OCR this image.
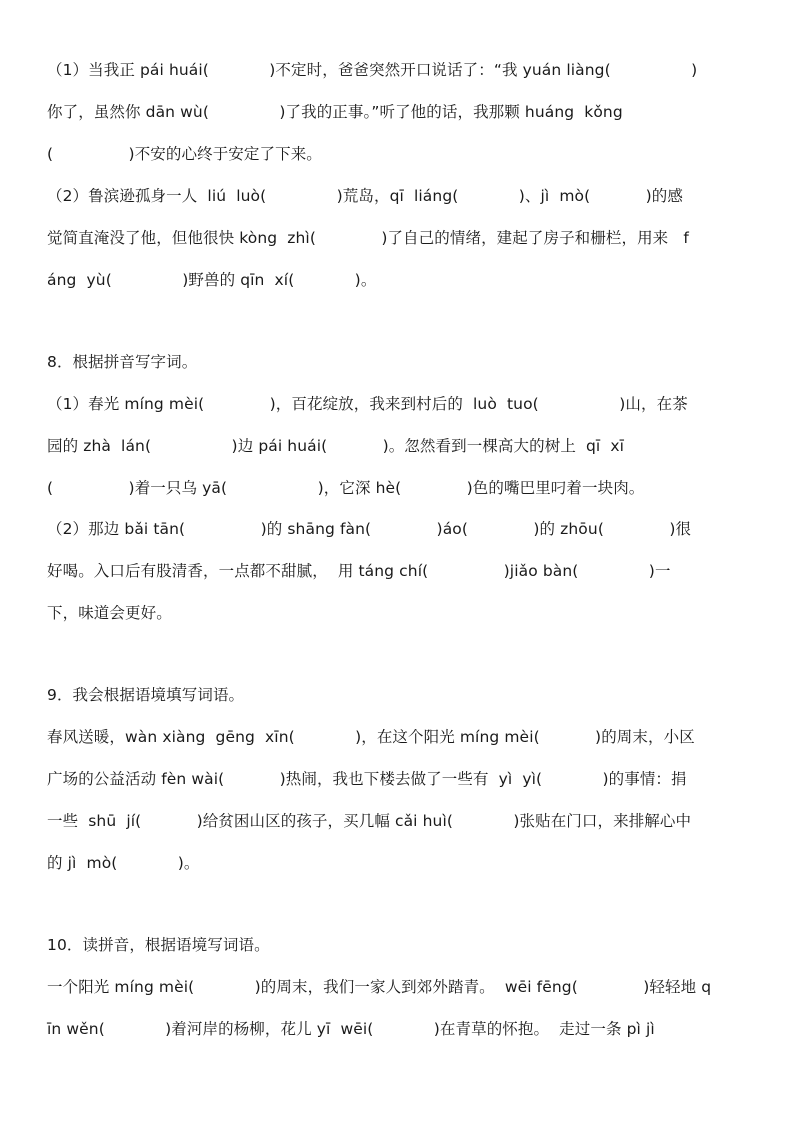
（1）当我正 pái huái(            )不定时，爸爸突然开口说话了：“我 yuán liàng(                )
你了，虽然你 dān wù(              )了我的正事。”听了他的话，我那颗 huáng  kǒng
(               )不安的心终于安定了下来。
（2）鲁滨逊孤身一人  liú  luò(              )荒岛，qī  liáng(            )、jì  mò(           )的感
觉简直淹没了他，但他很快 kòng  zhì(             )了自己的情绪，建起了房子和栅栏，用来   f
áng  yù(              )野兽的 qīn  xí(            )。
8．根据拼音写字词。
（1）春光 míng mèi(             )，百花绽放，我来到村后的  luò  tuo(                )山，在茶
园的 zhà  lán(                )边 pái huái(           )。忽然看到一棵高大的树上  qī  xī
(               )着一只乌 yā(                  )，它深 hè(             )色的嘴巴里叼着一块肉。
（2）那边 bǎi tān(               )的 shāng fàn(             )áo(             )的 zhōu(             )很
好喝。入口后有股清香，一点都不甜腻，  用 táng chí(               )jiǎo bàn(              )一
下，味道会更好。
9．我会根据语境填写词语。
春风送暖，wàn xiàng  gēng  xīn(            )，在这个阳光 míng mèi(           )的周末，小区
广场的公益活动 fèn wài(           )热闹，我也下楼去做了一些有  yì  yì(            )的事情：捐
一些  shū  jí(           )给贫困山区的孩子，买几幅 cǎi huì(            )张贴在门口，来排解心中
的 jì  mò(            )。
10．读拼音，根据语境写词语。
一个阳光 míng mèi(            )的周末，我们一家人到郊外踏青。  wēi fēng(             )轻轻地 q
īn wěn(            )着河岸的杨柳，花儿 yī  wēi(            )在青草的怀抱。  走过一条 pì jì
